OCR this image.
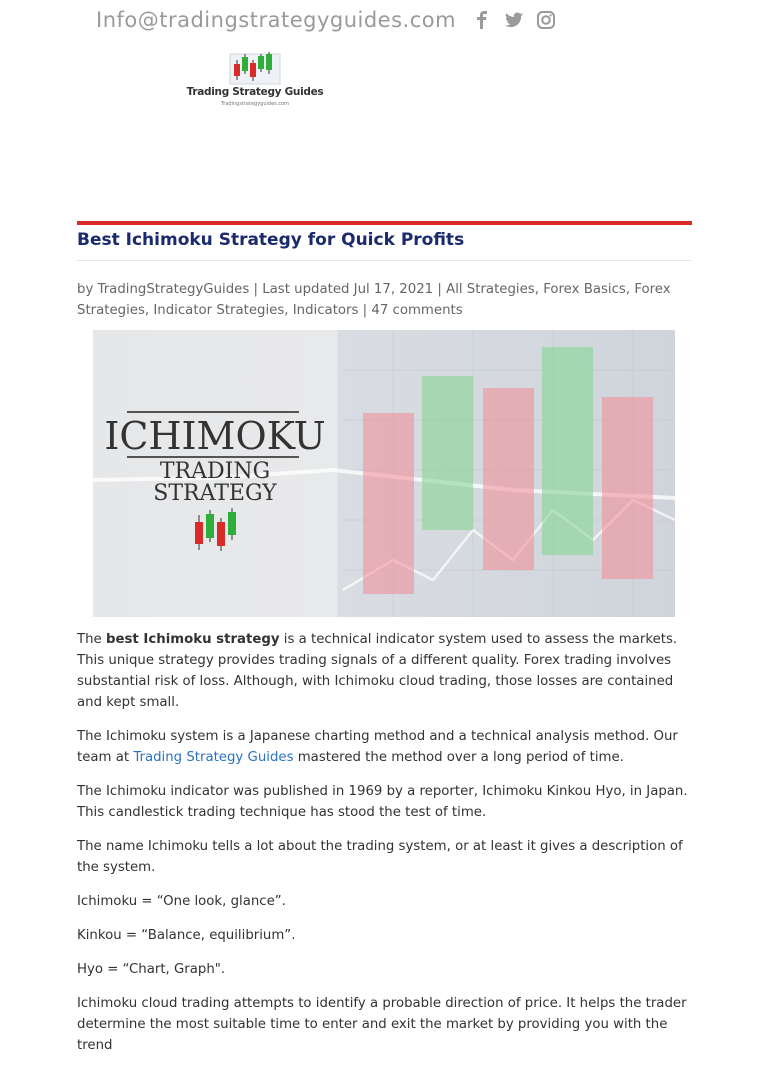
Info@tradingstrategyguides.com
Trading Strategy Guides
Tradingstrategyguides.com
Best Ichimoku Strategy for Quick Profits
by TradingStrategyGuides | Last updated Jul 17, 2021 | All Strategies, Forex Basics, Forex Strategies, Indicator Strategies, Indicators | 47 comments
ICHIMOKU
TRADING
STRATEGY

The best Ichimoku strategy is a technical indicator system used to assess the markets. This unique strategy provides trading signals of a different quality. Forex trading involves substantial risk of loss. Although, with Ichimoku cloud trading, those losses are contained and kept small.

The Ichimoku system is a Japanese charting method and a technical analysis method. Our team at Trading Strategy Guides mastered the method over a long period of time.

The Ichimoku indicator was published in 1969 by a reporter, Ichimoku Kinkou Hyo, in Japan. This candlestick trading technique has stood the test of time.

The name Ichimoku tells a lot about the trading system, or at least it gives a description of the system.

Ichimoku = “One look, glance”.

Kinkou = “Balance, equilibrium”.

Hyo = “Chart, Graph".

Ichimoku cloud trading attempts to identify a probable direction of price. It helps the trader determine the most suitable time to enter and exit the market by providing you with the trend
